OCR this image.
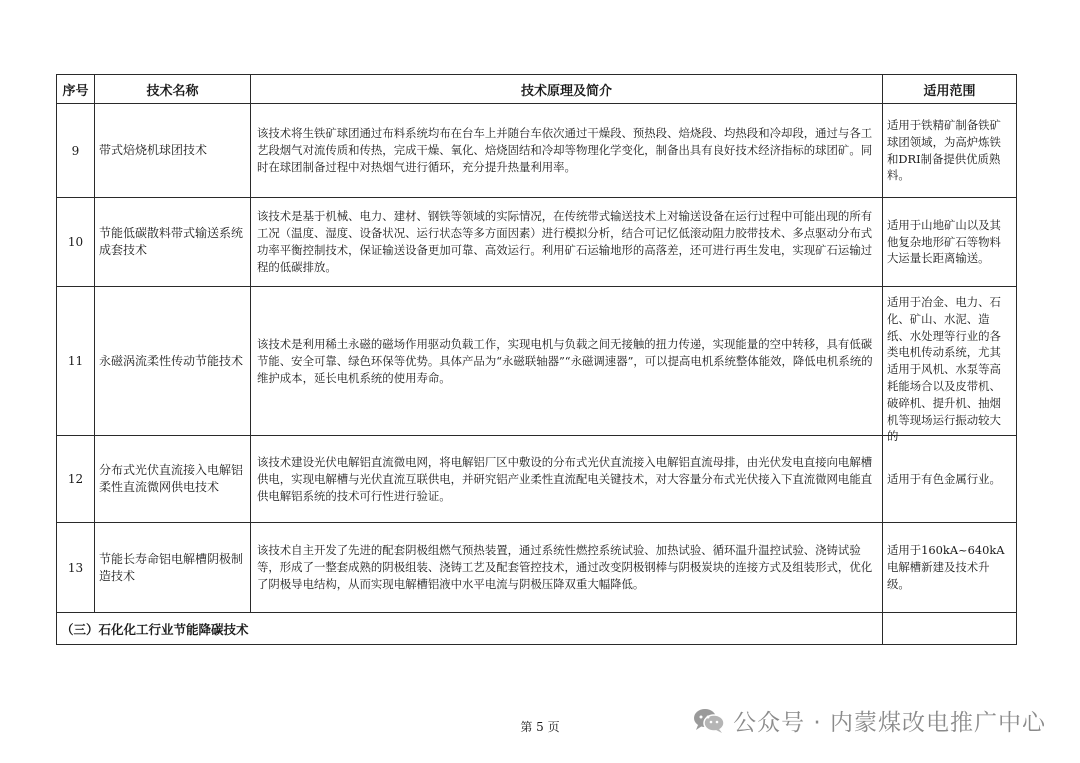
序号	技术名称	技术原理及简介	适用范围
9	带式焙烧机球团技术	该技术将生铁矿球团通过布料系统均布在台车上并随台车依次通过干燥段、预热段、焙烧段、均热段和冷却段，通过与各工艺段烟气对流传质和传热，完成干燥、氧化、焙烧固结和冷却等物理化学变化，制备出具有良好技术经济指标的球团矿。同时在球团制备过程中对热烟气进行循环，充分提升热量利用率。	适用于铁精矿制备铁矿球团领域，为高炉炼铁和DRI制备提供优质熟料。
10	节能低碳散料带式输送系统成套技术	该技术是基于机械、电力、建材、钢铁等领域的实际情况，在传统带式输送技术上对输送设备在运行过程中可能出现的所有工况（温度、湿度、设备状况、运行状态等多方面因素）进行模拟分析，结合可记忆低滚动阻力胶带技术、多点驱动分布式功率平衡控制技术，保证输送设备更加可靠、高效运行。利用矿石运输地形的高落差，还可进行再生发电，实现矿石运输过程的低碳排放。	适用于山地矿山以及其他复杂地形矿石等物料大运量长距离输送。
11	永磁涡流柔性传动节能技术	该技术是利用稀土永磁的磁场作用驱动负载工作，实现电机与负载之间无接触的扭力传递，实现能量的空中转移，具有低碳节能、安全可靠、绿色环保等优势。具体产品为“永磁联轴器”“永磁调速器”，可以提高电机系统整体能效，降低电机系统的维护成本，延长电机系统的使用寿命。	适用于冶金、电力、石化、矿山、水泥、造纸、水处理等行业的各类电机传动系统，尤其适用于风机、水泵等高耗能场合以及皮带机、破碎机、提升机、抽烟机等现场运行振动较大的

12	分布式光伏直流接入电解铝柔性直流微网供电技术	该技术建设光伏电解铝直流微电网，将电解铝厂区中敷设的分布式光伏直流接入电解铝直流母排，由光伏发电直接向电解槽供电，实现电解槽与光伏直流互联供电，并研究铝产业柔性直流配电关键技术，对大容量分布式光伏接入下直流微网电能直供电解铝系统的技术可行性进行验证。	适用于有色金属行业。
13	节能长寿命铝电解槽阴极制造技术	该技术自主开发了先进的配套阴极组燃气预热装置，通过系统性燃控系统试验、加热试验、循环温升温控试验、浇铸试验等，形成了一整套成熟的阴极组装、浇铸工艺及配套管控技术，通过改变阴极钢棒与阴极炭块的连接方式及组装形式，优化了阴极导电结构，从而实现电解槽铝液中水平电流与阴极压降双重大幅降低。	适用于160kA~640kA电解槽新建及技术升级。
（三）石化化工行业节能降碳技术			
第 5 页	公众号 · 内蒙煤改电推广中心
